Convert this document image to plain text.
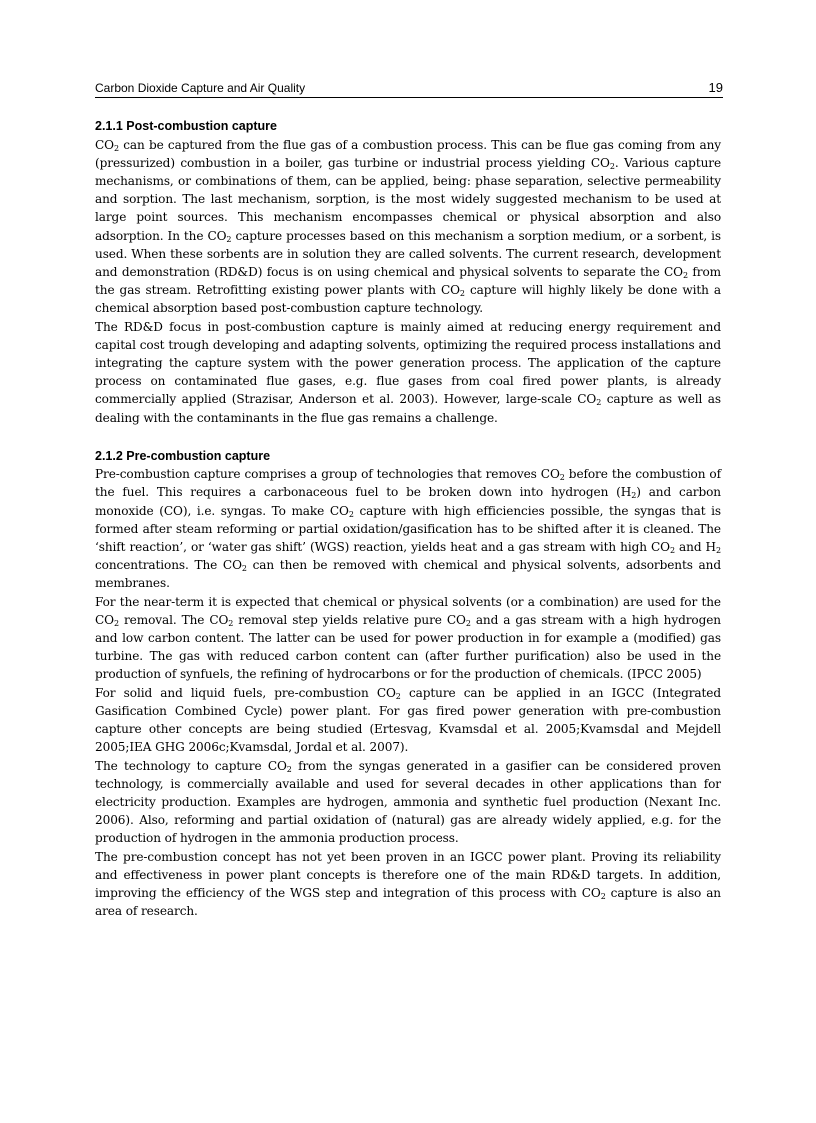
Carbon Dioxide Capture and Air Quality	19
2.1.1 Post-combustion capture

$CO_2$ can be captured from the flue gas of a combustion process. This can be flue gas coming from any (pressurized) combustion in a boiler, gas turbine or industrial process yielding $CO_2$. Various capture mechanisms, or combinations of them, can be applied, being: phase separation, selective permeability and sorption. The last mechanism, sorption, is the most widely suggested mechanism to be used at large point sources. This mechanism encompasses chemical or physical absorption and also adsorption. In the $CO_2$ capture processes based on this mechanism a sorption medium, or a sorbent, is used. When these sorbents are in solution they are called solvents. The current research, development and demonstration (RD&D) focus is on using chemical and physical solvents to separate the $CO_2$ from the gas stream. Retrofitting existing power plants with $CO_2$ capture will highly likely be done with a chemical absorption based post-combustion capture technology.

The RD&D focus in post-combustion capture is mainly aimed at reducing energy requirement and capital cost trough developing and adapting solvents, optimizing the required process installations and integrating the capture system with the power generation process. The application of the capture process on contaminated flue gases, e.g. flue gases from coal fired power plants, is already commercially applied (Strazisar, Anderson et al. 2003). However, large-scale $CO_2$ capture as well as dealing with the contaminants in the flue gas remains a challenge.

2.1.2 Pre-combustion capture

Pre-combustion capture comprises a group of technologies that removes $CO_2$ before the combustion of the fuel. This requires a carbonaceous fuel to be broken down into hydrogen $(H_2)$ and carbon monoxide (CO), i.e. syngas. To make $CO_2$ capture with high efficiencies possible, the syngas that is formed after steam reforming or partial oxidation/gasification has to be shifted after it is cleaned. The ‘shift reaction’, or ‘water gas shift’ (WGS) reaction, yields heat and a gas stream with high $CO_2$ and $H_2$ concentrations. The $CO_2$ can then be removed with chemical and physical solvents, adsorbents and membranes.

For the near-term it is expected that chemical or physical solvents (or a combination) are used for the $CO_2$ removal. The $CO_2$ removal step yields relative pure $CO_2$ and a gas stream with a high hydrogen and low carbon content. The latter can be used for power production in for example a (modified) gas turbine. The gas with reduced carbon content can (after further purification) also be used in the production of synfuels, the refining of hydrocarbons or for the production of chemicals. (IPCC 2005)

For solid and liquid fuels, pre-combustion $CO_2$ capture can be applied in an IGCC (Integrated Gasification Combined Cycle) power plant. For gas fired power generation with pre-combustion capture other concepts are being studied (Ertesvag, Kvamsdal et al. 2005;Kvamsdal and Mejdell 2005;IEA GHG 2006c;Kvamsdal, Jordal et al. 2007).

The technology to capture $CO_2$ from the syngas generated in a gasifier can be considered proven technology, is commercially available and used for several decades in other applications than for electricity production. Examples are hydrogen, ammonia and synthetic fuel production (Nexant Inc. 2006). Also, reforming and partial oxidation of (natural) gas are already widely applied, e.g. for the production of hydrogen in the ammonia production process.

The pre-combustion concept has not yet been proven in an IGCC power plant. Proving its reliability and effectiveness in power plant concepts is therefore one of the main RD&D targets. In addition, improving the efficiency of the WGS step and integration of this process with $CO_2$ capture is also an area of research.
